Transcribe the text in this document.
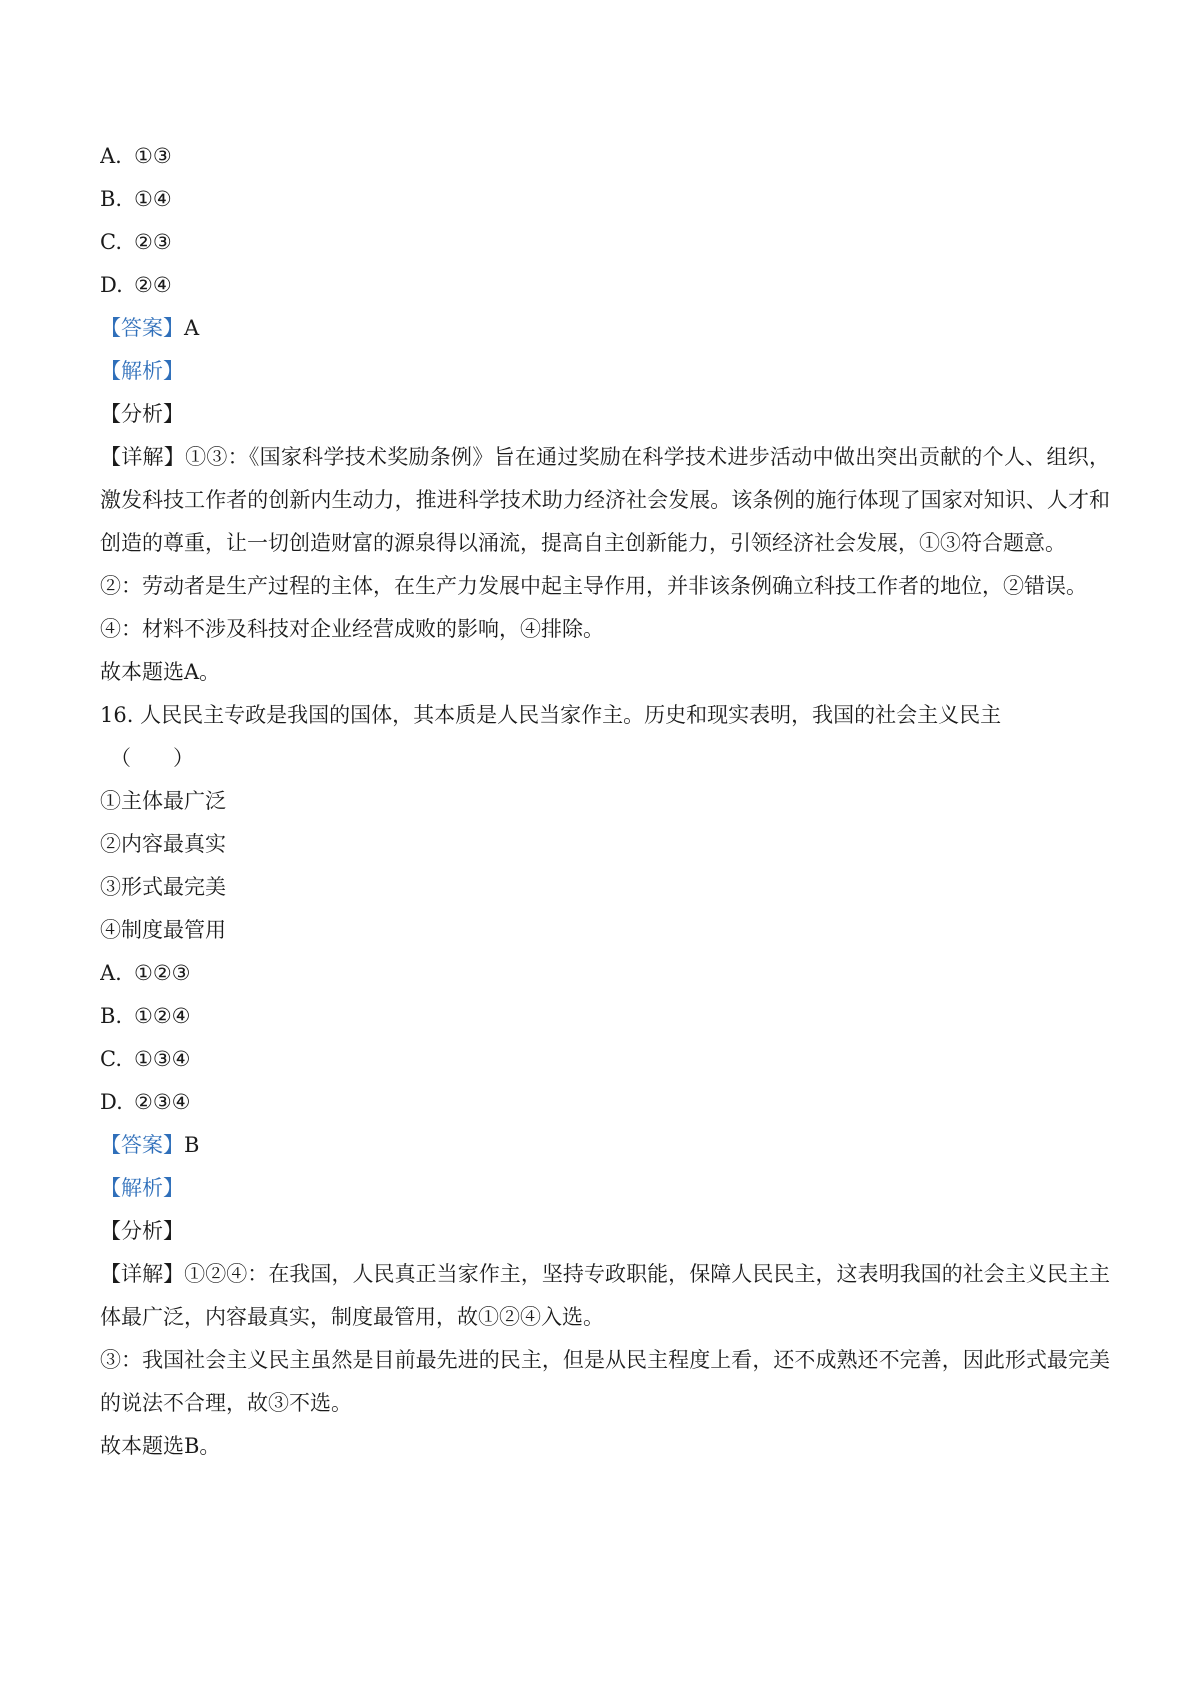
A. ①③
B. ①④
C. ②③
D. ②④
【答案】A
【解析】
【分析】
【详解】①③：《国家科学技术奖励条例》旨在通过奖励在科学技术进步活动中做出突出贡献的个人、组织，激发科技工作者的创新内生动力，推进科学技术助力经济社会发展。该条例的施行体现了国家对知识、人才和创造的尊重，让一切创造财富的源泉得以涌流，提高自主创新能力，引领经济社会发展，①③符合题意。
②：劳动者是生产过程的主体，在生产力发展中起主导作用，并非该条例确立科技工作者的地位，②错误。
④：材料不涉及科技对企业经营成败的影响，④排除。
故本题选A。
16. 人民民主专政是我国的国体，其本质是人民当家作主。历史和现实表明，我国的社会主义民主
（　　）
①主体最广泛
②内容最真实
③形式最完美
④制度最管用
A. ①②③
B. ①②④
C. ①③④
D. ②③④
【答案】B
【解析】
【分析】
【详解】①②④：在我国，人民真正当家作主，坚持专政职能，保障人民民主，这表明我国的社会主义民主主体最广泛，内容最真实，制度最管用，故①②④入选。
③：我国社会主义民主虽然是目前最先进的民主，但是从民主程度上看，还不成熟还不完善，因此形式最完美的说法不合理，故③不选。
故本题选B。
